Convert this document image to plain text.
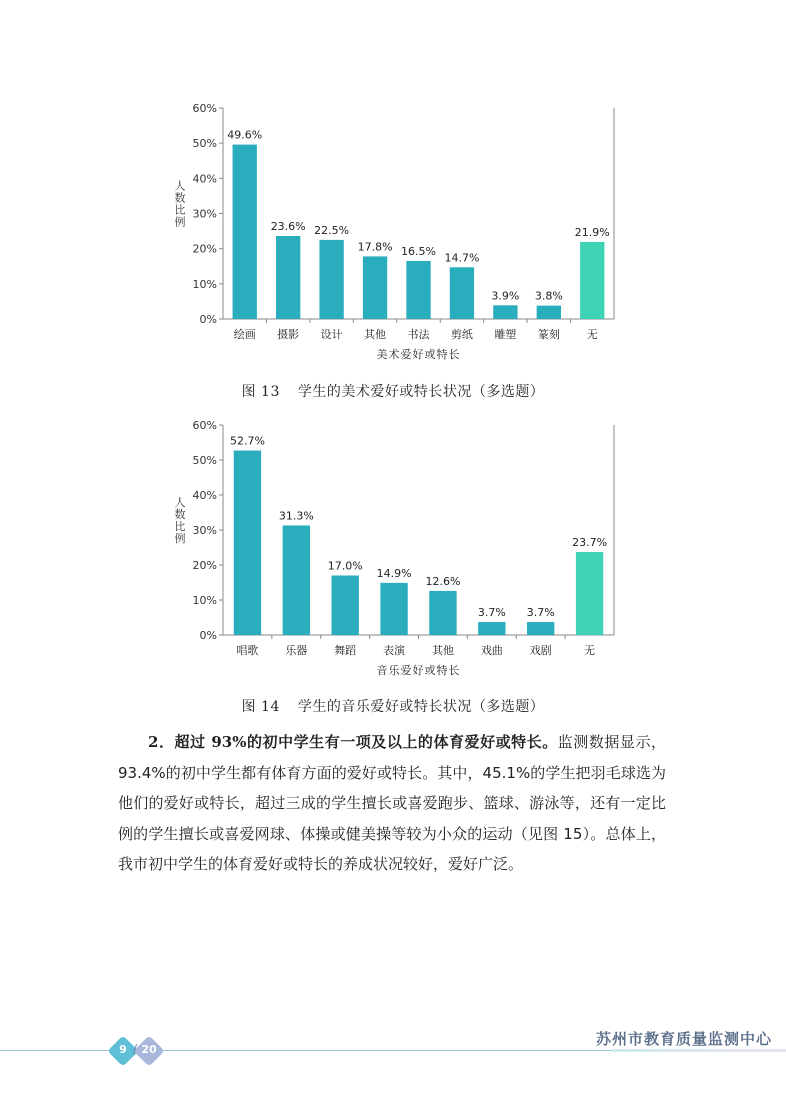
0%
10%
20%
30%
40%
50%
60%
人
数
比
例
49.6%
绘画
23.6%
摄影
22.5%
设计
17.8%
其他
16.5%
书法
14.7%
剪纸
3.9%
雕塑
3.8%
篆刻
21.9%
无
美术爱好或特长
图 13 学生的美术爱好或特长状况（多选题）
0%
10%
20%
30%
40%
50%
60%
人
数
比
例
52.7%
唱歌
31.3%
乐器
17.0%
舞蹈
14.9%
表演
12.6%
其他
3.7%
戏曲
3.7%
戏剧
23.7%
无
音乐爱好或特长
图 14 学生的音乐爱好或特长状况（多选题）
2．超过 93%的初中学生有一项及以上的体育爱好或特长。监测数据显示，93.4%的初中学生都有体育方面的爱好或特长。其中，45.1%的学生把羽毛球选为他们的爱好或特长，超过三成的学生擅长或喜爱跑步、篮球、游泳等，还有一定比例的学生擅长或喜爱网球、体操或健美操等较为小众的运动（见图 15）。总体上，我市初中学生的体育爱好或特长的养成状况较好，爱好广泛。
9 / 20
苏州市教育质量监测中心
